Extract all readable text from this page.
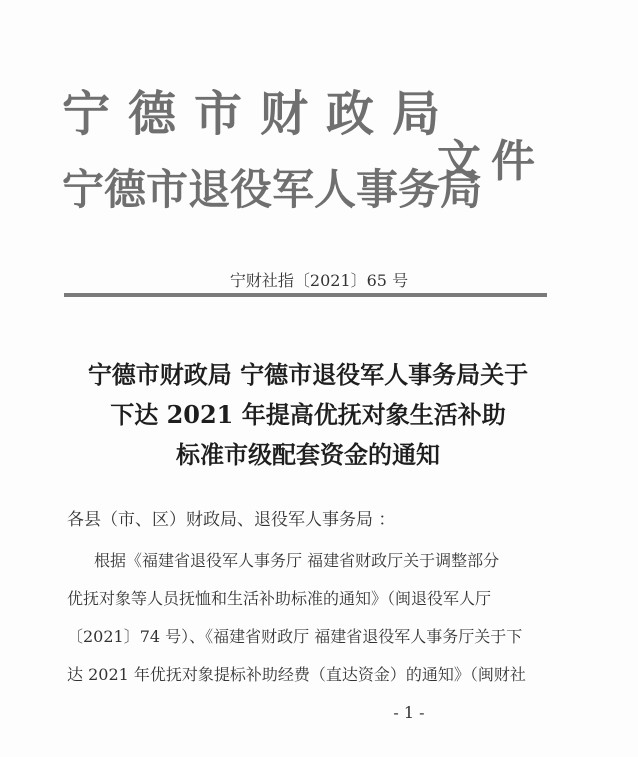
宁德市财政局
宁德市退役军人事务局
文件
宁财社指〔2021〕65 号
宁德市财政局 宁德市退役军人事务局关于
下达 2021 年提高优抚对象生活补助
标准市级配套资金的通知
各县（市、区）财政局、退役军人事务局 ：
根据《福建省退役军人事务厅 福建省财政厅关于调整部分
优抚对象等人员抚恤和生活补助标准的通知》（闽退役军人厅
〔2021〕74 号）、《福建省财政厅 福建省退役军人事务厅关于下
达 2021 年优抚对象提标补助经费（直达资金）的通知》（闽财社
- 1 -
